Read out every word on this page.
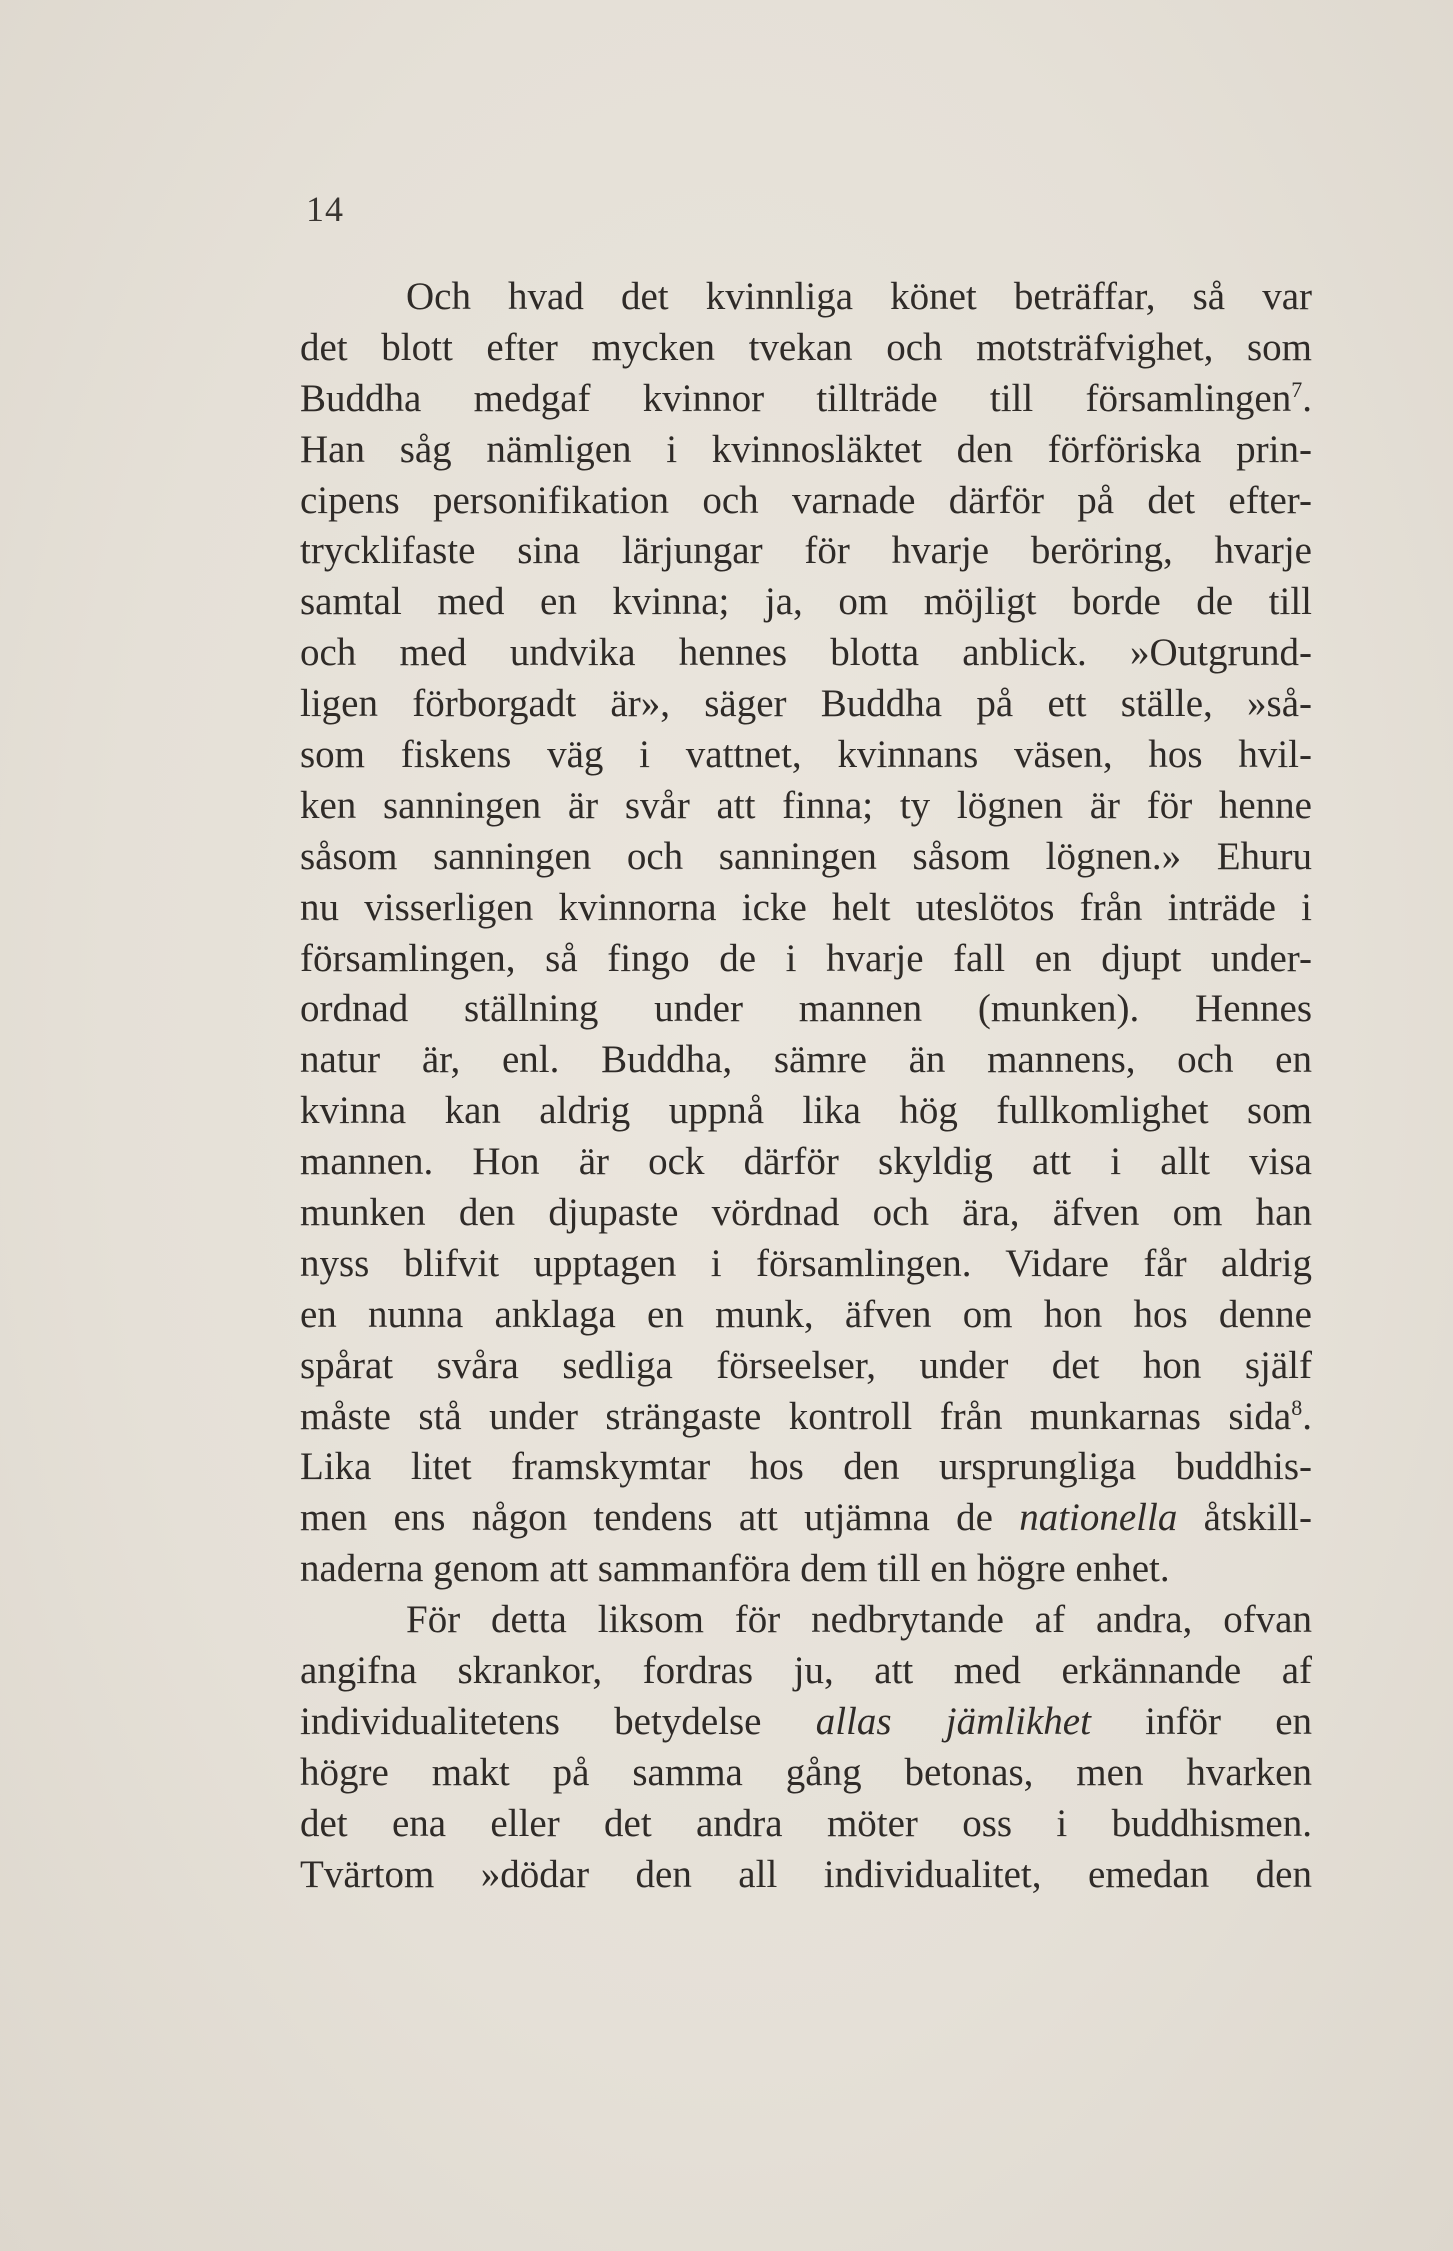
14
Och hvad det kvinnliga könet beträffar, så var
det blott efter mycken tvekan och motsträfvighet, som
Buddha medgaf kvinnor tillträde till församlingen$^7$.
Han såg nämligen i kvinnosläktet den förföriska prin-
cipens personifikation och varnade därför på det efter-
trycklifaste sina lärjungar för hvarje beröring, hvarje
samtal med en kvinna; ja, om möjligt borde de till
och med undvika hennes blotta anblick. »Outgrund-
ligen förborgadt är», säger Buddha på ett ställe, »så-
som fiskens väg i vattnet, kvinnans väsen, hos hvil-
ken sanningen är svår att finna; ty lögnen är för henne
såsom sanningen och sanningen såsom lögnen.» Ehuru
nu visserligen kvinnorna icke helt uteslötos från inträde i
församlingen, så fingo de i hvarje fall en djupt under-
ordnad ställning under mannen (munken). Hennes
natur är, enl. Buddha, sämre än mannens, och en
kvinna kan aldrig uppnå lika hög fullkomlighet som
mannen. Hon är ock därför skyldig att i allt visa
munken den djupaste vördnad och ära, äfven om han
nyss blifvit upptagen i församlingen. Vidare får aldrig
en nunna anklaga en munk, äfven om hon hos denne
spårat svåra sedliga förseelser, under det hon själf
måste stå under strängaste kontroll från munkarnas sida$^8$.
Lika litet framskymtar hos den ursprungliga buddhis-
men ens någon tendens att utjämna de nationella åtskill-
naderna genom att sammanföra dem till en högre enhet.
För detta liksom för nedbrytande af andra, ofvan
angifna skrankor, fordras ju, att med erkännande af
individualitetens betydelse allas jämlikhet inför en
högre makt på samma gång betonas, men hvarken
det ena eller det andra möter oss i buddhismen.
Tvärtom »dödar den all individualitet, emedan den
